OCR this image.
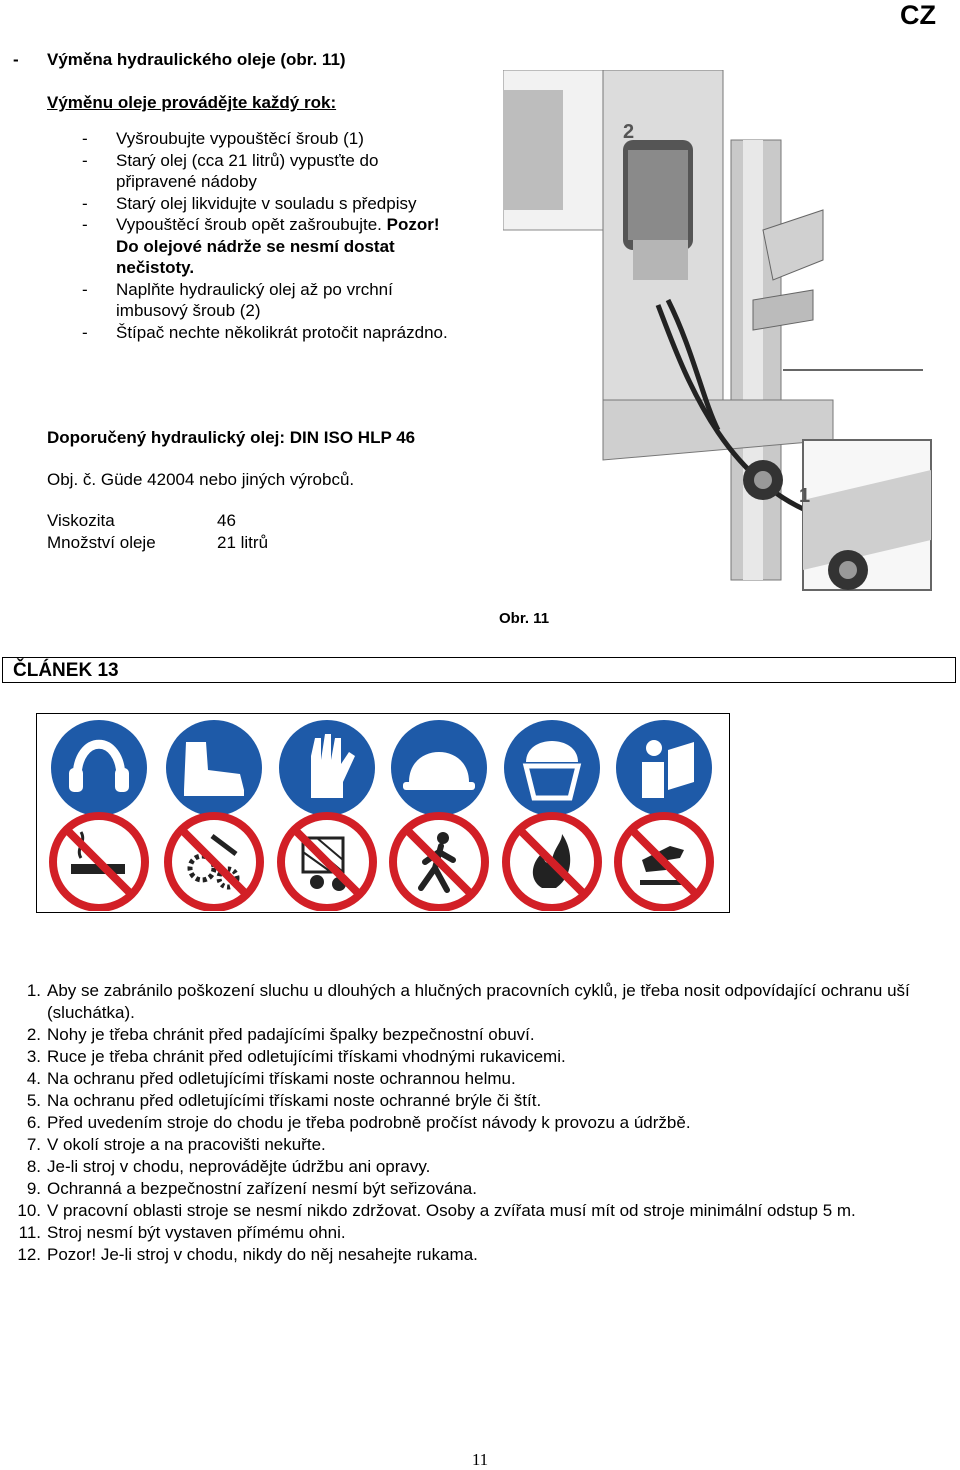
CZ
- Výměna hydraulického oleje (obr. 11)
Výměnu oleje provádějte každý rok:
- Vyšroubujte vypouštěcí šroub (1)
- Starý olej (cca 21 litrů) vypusťte do připravené nádoby
- Starý olej likvidujte v souladu s předpisy
- Vypouštěcí šroub opět zašroubujte. Pozor! Do olejové nádrže se nesmí dostat nečistoty.
- Naplňte hydraulický olej až po vrchní imbusový šroub (2)
- Štípač nechte několikrát protočit naprázdno.
Doporučený hydraulický olej: DIN ISO HLP 46
Obj. č. Güde 42004 nebo jiných výrobců.
Viskozita	46
Množství oleje	21 litrů
2
1
Obr. 11
ČLÁNEK 13
1. Aby se zabránilo poškození sluchu u dlouhých a hlučných pracovních cyklů, je třeba nosit odpovídající ochranu uší (sluchátka).
2. Nohy je třeba chránit před padajícími špalky bezpečnostní obuví.
3. Ruce je třeba chránit před odletujícími třískami vhodnými rukavicemi.
4. Na ochranu před odletujícími třískami noste ochrannou helmu.
5. Na ochranu před odletujícími třískami noste ochranné brýle či štít.
6. Před uvedením stroje do chodu je třeba podrobně pročíst návody k provozu a údržbě.
7. V okolí stroje a na pracovišti nekuřte.
8. Je-li stroj v chodu, neprovádějte údržbu ani opravy.
9. Ochranná a bezpečnostní zařízení nesmí být seřizována.
10. V pracovní oblasti stroje se nesmí nikdo zdržovat. Osoby a zvířata musí mít od stroje minimální odstup 5 m.
11. Stroj nesmí být vystaven přímému ohni.
12. Pozor! Je-li stroj v chodu, nikdy do něj nesahejte rukama.
11
